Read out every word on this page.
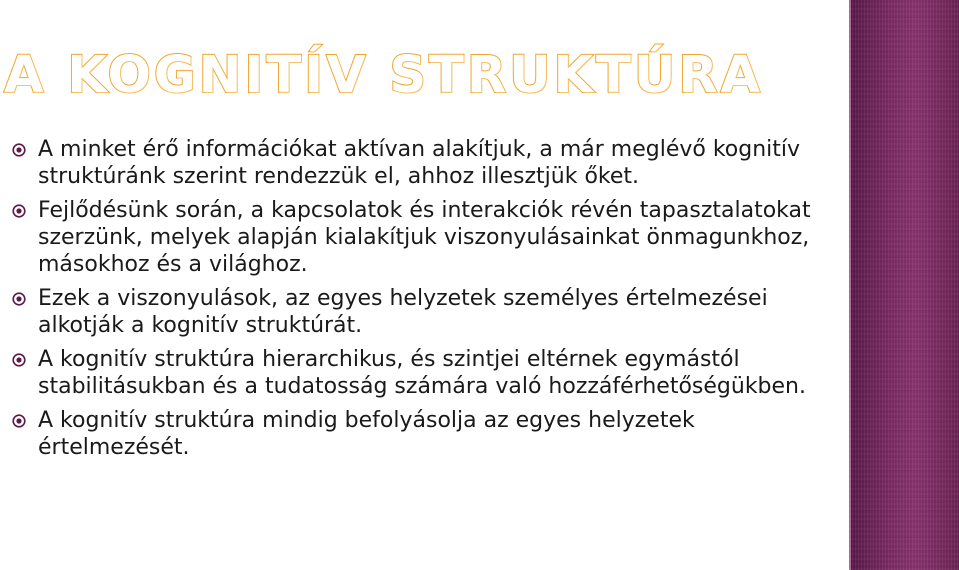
A KOGNITÍV STRUKTÚRA
A minket érő információkat aktívan alakítjuk, a már meglévő kognitív struktúránk szerint rendezzük el, ahhoz illesztjük őket.
Fejlődésünk során, a kapcsolatok és interakciók révén tapasztalatokat szerzünk, melyek alapján kialakítjuk viszonyulásainkat önmagunkhoz, másokhoz és a világhoz.
Ezek a viszonyulások, az egyes helyzetek személyes értelmezései alkotják a kognitív struktúrát.
A kognitív struktúra hierarchikus, és szintjei eltérnek egymástól stabilitásukban és a tudatosság számára való hozzáférhetőségükben.
A kognitív struktúra mindig befolyásolja az egyes helyzetek értelmezését.
